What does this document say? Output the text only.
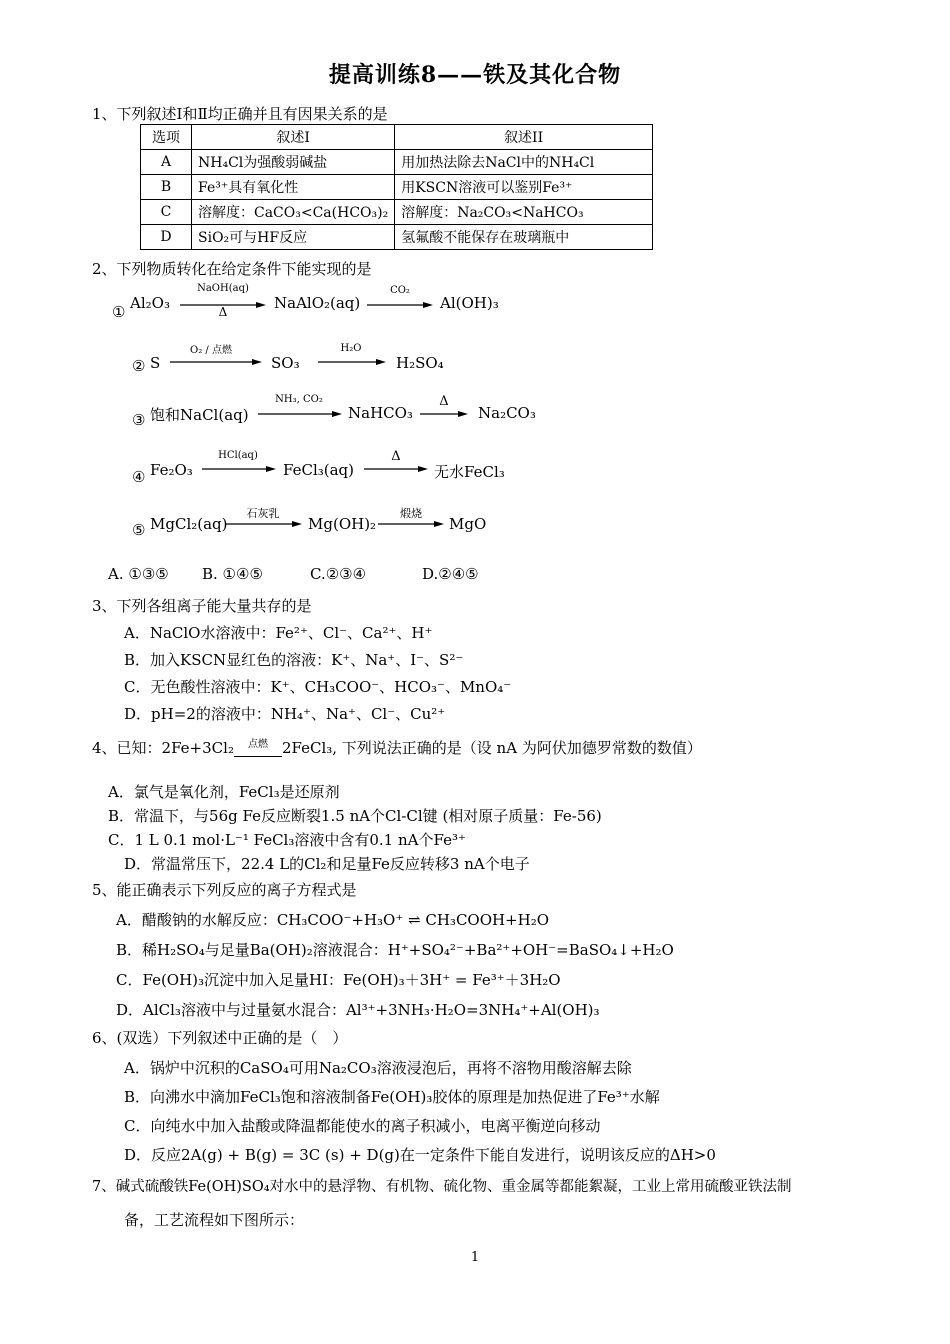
提高训练8——铁及其化合物
1、下列叙述Ⅰ和Ⅱ均正确并且有因果关系的是
选项	叙述I	叙述II
A	NH₄Cl为强酸弱碱盐	用加热法除去NaCl中的NH₄Cl
B	Fe³⁺具有氧化性	用KSCN溶液可以鉴别Fe³⁺
C	溶解度：CaCO₃<Ca(HCO₃)₂	溶解度：Na₂CO₃<NaHCO₃
D	SiO₂可与HF反应	氢氟酸不能保存在玻璃瓶中
2、下列物质转化在给定条件下能实现的是
① Al₂O₃
NaOH(aq)
Δ	NaAlO₂(aq)
CO₂
Al(OH)₃
② S
O₂ / 点燃
SO₃
H₂O
H₂SO₄
③ 饱和NaCl(aq)
NH₃, CO₂
NaHCO₃
Δ
→ Na₂CO₃
④ Fe₂O₃
HCl(aq)
FeCl₃(aq)
Δ
无水FeCl₃
⑤ MgCl₂(aq)
石灰乳
Mg(OH)₂
煅烧
MgO
A. ①③⑤ B. ①④⑤	C.②③④	D.②④⑤
3、下列各组离子能大量共存的是
A．NaClO水溶液中：Fe²⁺、Cl⁻、Ca²⁺、H⁺
B．加入KSCN显红色的溶液：K⁺、Na⁺、I⁻、S²⁻
C．无色酸性溶液中：K⁺、CH₃COO⁻、HCO₃⁻、MnO₄⁻
D．pH=2的溶液中：NH₄⁺、Na⁺、Cl⁻、Cu²⁺
4、已知：2Fe+3Cl₂	点燃 2FeCl₃, 下列说法正确的是（设 nA 为阿伏加德罗常数的数值）
A．氯气是氧化剂，FeCl₃是还原剂
B．常温下，与56g Fe反应断裂1.5 nA个Cl-Cl键 (相对原子质量：Fe-56)
C．1 L 0.1 mol·L⁻¹ FeCl₃溶液中含有0.1 nA个Fe³⁺
D．常温常压下，22.4 L的Cl₂和足量Fe反应转移3 nA个电子
5、能正确表示下列反应的离子方程式是
A．醋酸钠的水解反应：CH₃COO⁻+H₃O⁺ ⇌ CH₃COOH+H₂O
B．稀H₂SO₄与足量Ba(OH)₂溶液混合：H⁺+SO₄²⁻+Ba²⁺+OH⁻=BaSO₄↓+H₂O
C．Fe(OH)₃沉淀中加入足量HI：Fe(OH)₃＋3H⁺ = Fe³⁺＋3H₂O
D．AlCl₃溶液中与过量氨水混合：Al³⁺+3NH₃·H₂O=3NH₄⁺+Al(OH)₃
6、(双选）下列叙述中正确的是（　）
A．锅炉中沉积的CaSO₄可用Na₂CO₃溶液浸泡后，再将不溶物用酸溶解去除
B．向沸水中滴加FeCl₃饱和溶液制备Fe(OH)₃胶体的原理是加热促进了Fe³⁺水解
C．向纯水中加入盐酸或降温都能使水的离子积减小，电离平衡逆向移动
D．反应2A(g) + B(g) = 3C (s) + D(g)在一定条件下能自发进行，说明该反应的ΔH>0
7、碱式硫酸铁Fe(OH)SO₄对水中的悬浮物、有机物、硫化物、重金属等都能絮凝，工业上常用硫酸亚铁法制
备，工艺流程如下图所示：
1
